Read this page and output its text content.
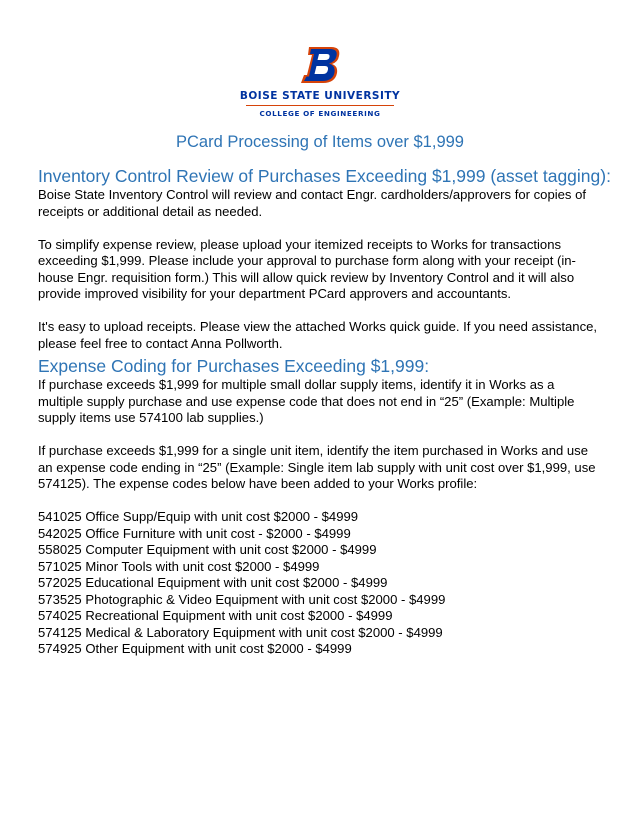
BOISE STATE UNIVERSITY
COLLEGE OF ENGINEERING
PCard Processing of Items over $1,999
Inventory Control Review of Purchases Exceeding $1,999 (asset tagging):

Boise State Inventory Control will review and contact Engr. cardholders/approvers for copies of receipts or additional detail as needed.

To simplify expense review, please upload your itemized receipts to Works for transactions exceeding $1,999. Please include your approval to purchase form along with your receipt (in-house Engr. requisition form.) This will allow quick review by Inventory Control and it will also provide improved visibility for your department PCard approvers and accountants.

It's easy to upload receipts. Please view the attached Works quick guide. If you need assistance, please feel free to contact Anna Pollworth.

Expense Coding for Purchases Exceeding $1,999:

If purchase exceeds $1,999 for multiple small dollar supply items, identify it in Works as a multiple supply purchase and use expense code that does not end in “25” (Example: Multiple supply items use 574100 lab supplies.)

If purchase exceeds $1,999 for a single unit item, identify the item purchased in Works and use an expense code ending in “25” (Example: Single item lab supply with unit cost over $1,999, use 574125). The expense codes below have been added to your Works profile:

541025 Office Supp/Equip with unit cost $2000 - $4999

542025 Office Furniture with unit cost - $2000 - $4999

558025 Computer Equipment with unit cost $2000 - $4999

571025 Minor Tools with unit cost $2000 - $4999

572025 Educational Equipment with unit cost $2000 - $4999

573525 Photographic & Video Equipment with unit cost $2000 - $4999

574025 Recreational Equipment with unit cost $2000 - $4999

574125 Medical & Laboratory Equipment with unit cost $2000 - $4999

574925 Other Equipment with unit cost $2000 - $4999
